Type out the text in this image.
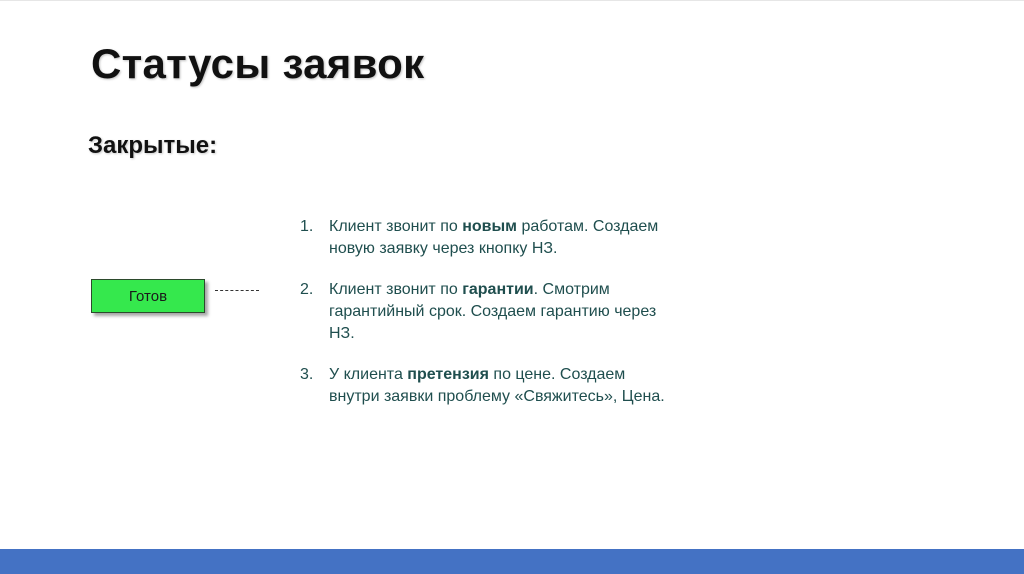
Статусы заявок
Закрытые:
Готов
1. Клиент звонит по новым работам. Создаем новую заявку через кнопку НЗ.
2. Клиент звонит по гарантии. Смотрим гарантийный срок. Создаем гарантию через НЗ.
3. У клиента претензия по цене. Создаем внутри заявки проблему «Свяжитесь», Цена.
